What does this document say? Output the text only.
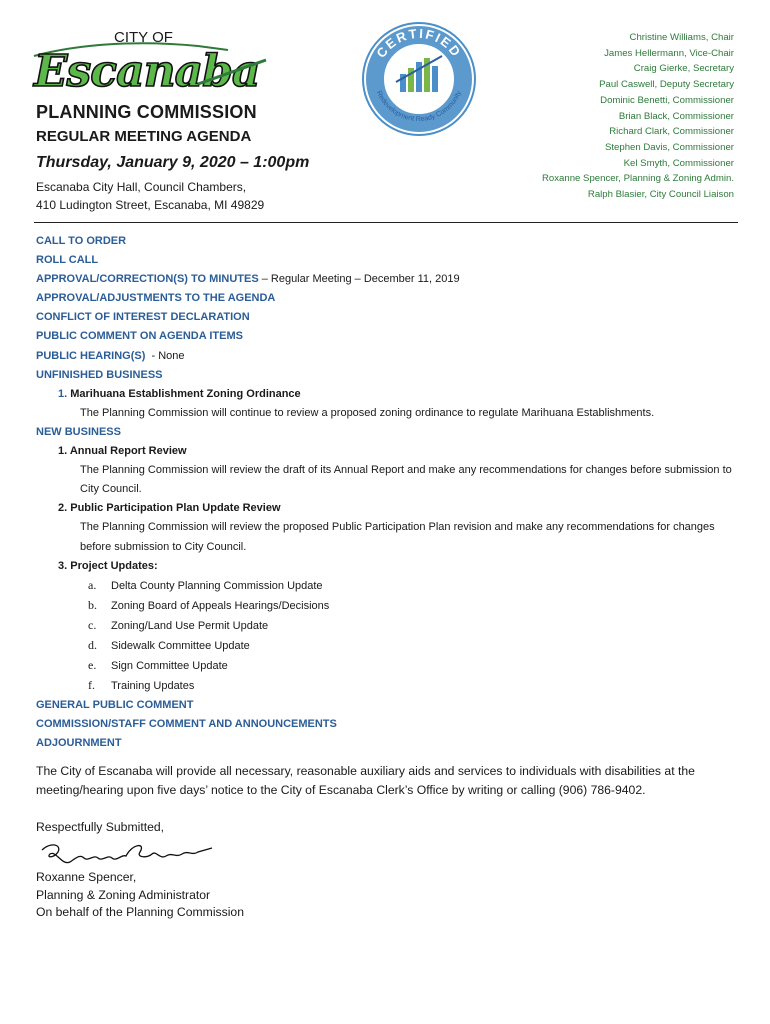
CITY OF
Escanaba	CERTIFIED
Redevelopment Ready Community
PLANNING COMMISSION
REGULAR MEETING AGENDA
Thursday, January 9, 2020 – 1:00pm
Escanaba City Hall, Council Chambers,
410 Ludington Street, Escanaba, MI 49829
Christine Williams, Chair
James Hellermann, Vice-Chair
Craig Gierke, Secretary
Paul Caswell, Deputy Secretary
Dominic Benetti, Commissioner
Brian Black, Commissioner
Richard Clark, Commissioner
Stephen Davis, Commissioner
Kel Smyth, Commissioner
Roxanne Spencer, Planning & Zoning Admin.
Ralph Blasier, City Council Liaison
CALL TO ORDER
ROLL CALL
APPROVAL/CORRECTION(S) TO MINUTES – Regular Meeting – December 11, 2019
APPROVAL/ADJUSTMENTS TO THE AGENDA
CONFLICT OF INTEREST DECLARATION
PUBLIC COMMENT ON AGENDA ITEMS
PUBLIC HEARING(S)  - None
UNFINISHED BUSINESS
1. Marihuana Establishment Zoning Ordinance
The Planning Commission will continue to review a proposed zoning ordinance to regulate Marihuana Establishments.
NEW BUSINESS
1. Annual Report Review
The Planning Commission will review the draft of its Annual Report and make any recommendations for changes before submission to City Council.
2. Public Participation Plan Update Review
The Planning Commission will review the proposed Public Participation Plan revision and make any recommendations for changes before submission to City Council.
3. Project Updates:
a. Delta County Planning Commission Update
b. Zoning Board of Appeals Hearings/Decisions
c. Zoning/Land Use Permit Update
d. Sidewalk Committee Update
e. Sign Committee Update
f. Training Updates
GENERAL PUBLIC COMMENT
COMMISSION/STAFF COMMENT AND ANNOUNCEMENTS
ADJOURNMENT
The City of Escanaba will provide all necessary, reasonable auxiliary aids and services to individuals with disabilities at the meeting/hearing upon five days’ notice to the City of Escanaba Clerk’s Office by writing or calling (906) 786-9402.
Respectfully Submitted,
Roxanne Spencer,
Planning & Zoning Administrator
On behalf of the Planning Commission
